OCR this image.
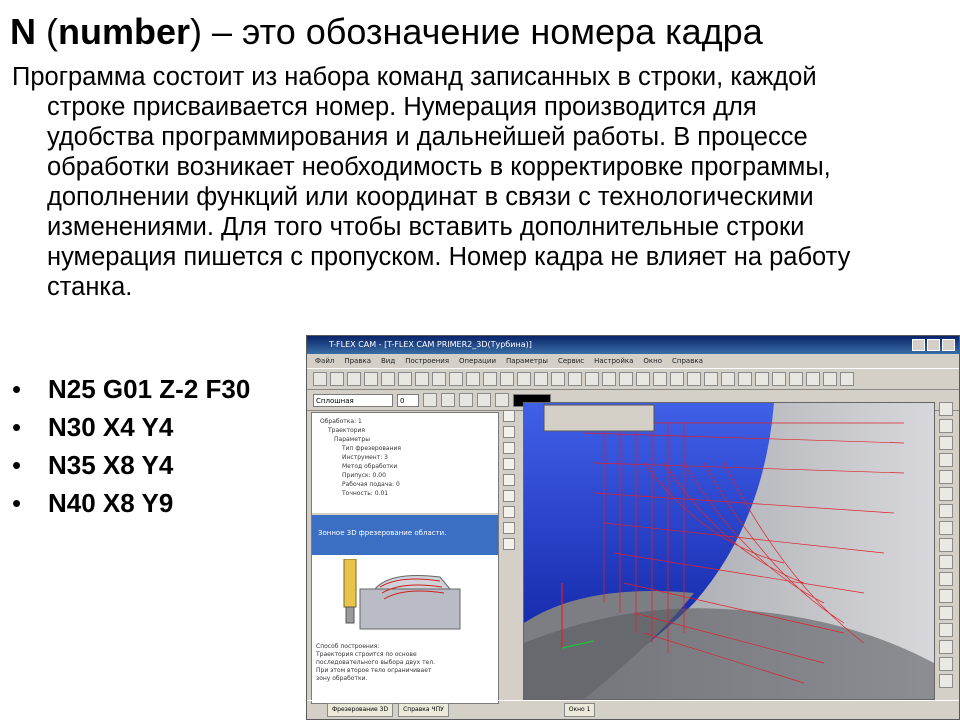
N (number) – это обозначение номера кадра
Программа состоит из набора команд записанных в строки, каждой строке присваивается номер. Нумерация производится для удобства программирования и дальнейшей работы. В процессе обработки возникает необходимость в корректировке программы, дополнении функций или координат в связи с технологическими изменениями. Для того чтобы вставить дополнительные строки нумерация пишется с пропуском. Номер кадра не влияет на работу станка.
• N25 G01 Z-2 F30
• N30 X4 Y4
• N35 X8 Y4
• N40 X8 Y9
T-FLEX CAM - [T-FLEX CAM PRIMER2_3D(Турбина)]
Файл Правка Вид Построения Операции Параметры Сервис Настройка Окно Справка
Сплошная	0
Обработка: 1
Траектория
Параметры
Тип фрезерования
Инструмент: 3
Метод обработки
Припуск: 0.00
Рабочая подача: 0
Точность: 0.01
Зонное 3D фрезерование области.
Способ построения:
Траектория строится по основе
последовательного выбора двух тел.
При этом второе тело ограничивает
зону обработки.
Фрезерование 3D	Справка ЧПУ	Окно 1
